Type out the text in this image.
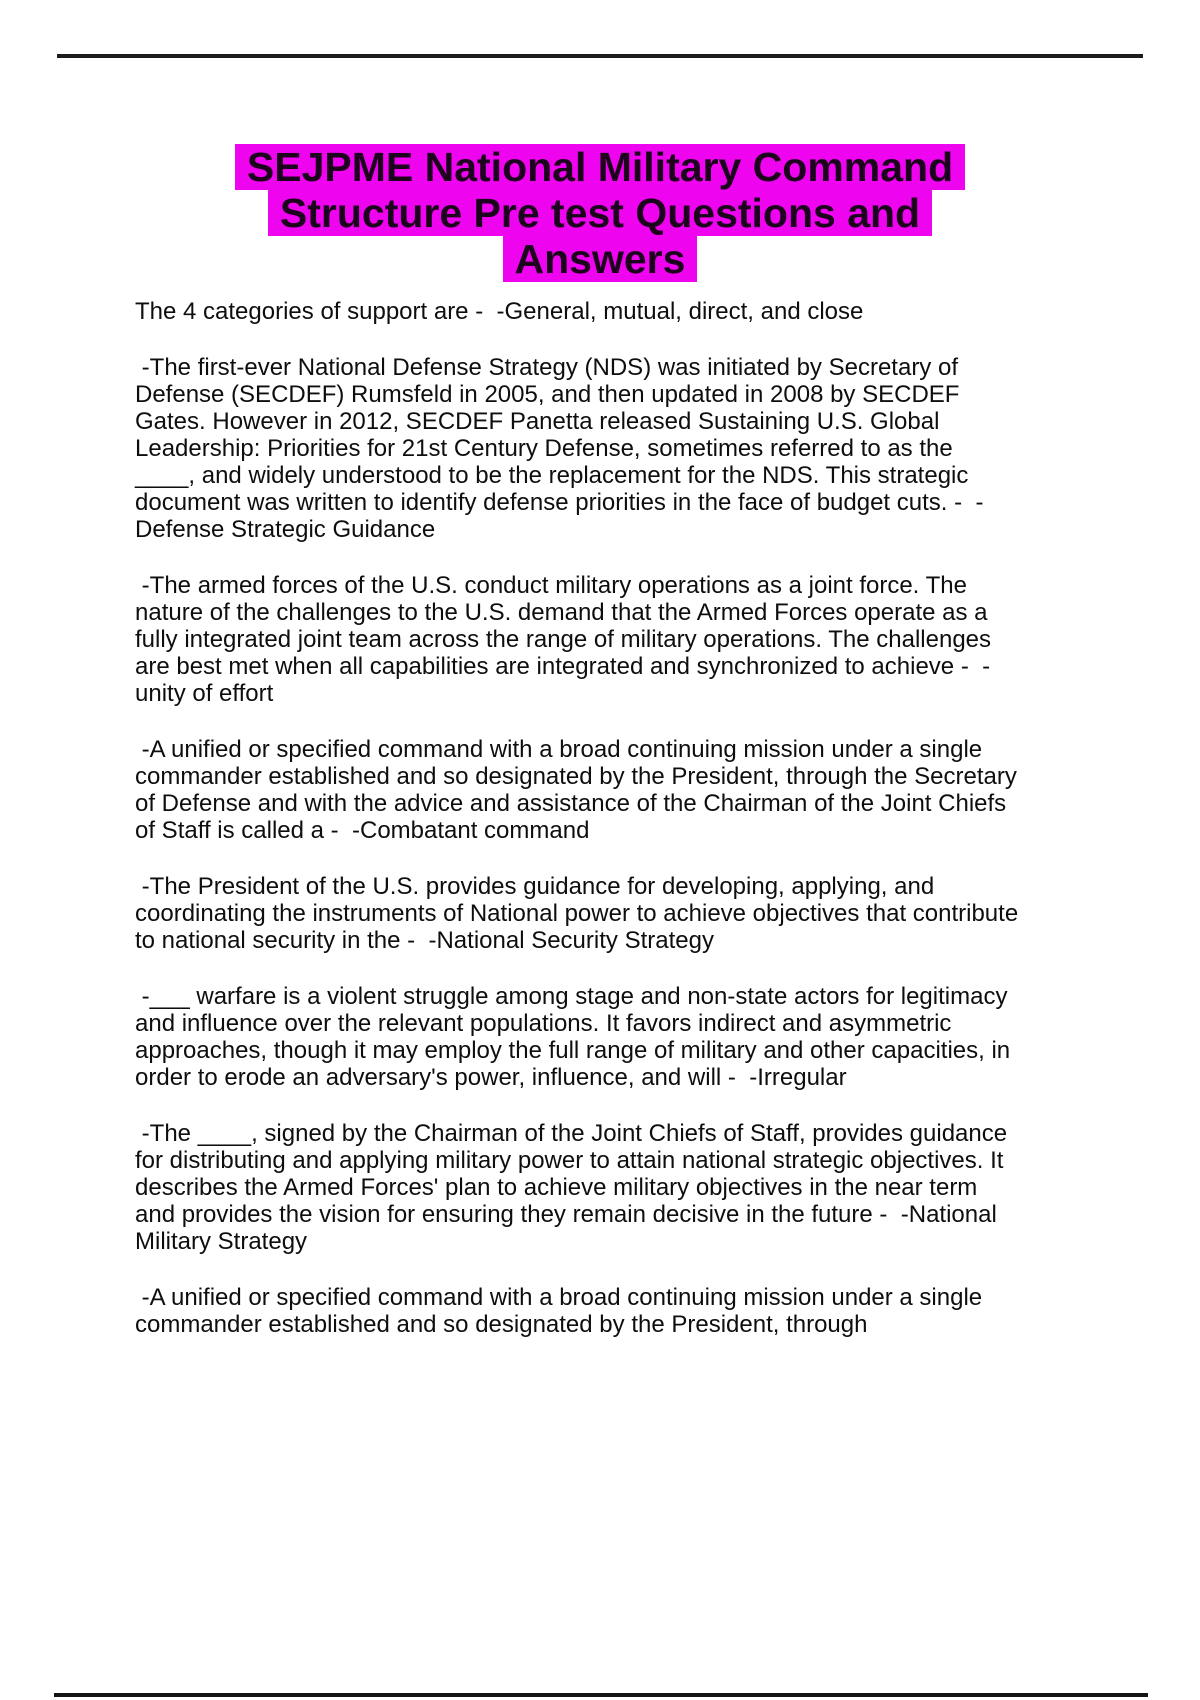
SEJPME National Military Command
Structure Pre test Questions and
Answers

The 4 categories of support are -  -General, mutual, direct, and close

-The first-ever National Defense Strategy (NDS) was initiated by Secretary of Defense (SECDEF) Rumsfeld in 2005, and then updated in 2008 by SECDEF Gates. However in 2012, SECDEF Panetta released Sustaining U.S. Global Leadership: Priorities for 21st Century Defense, sometimes referred to as the ____, and widely understood to be the replacement for the NDS. This strategic document was written to identify defense priorities in the face of budget cuts. -  -Defense Strategic Guidance

-The armed forces of the U.S. conduct military operations as a joint force. The nature of the challenges to the U.S. demand that the Armed Forces operate as a fully integrated joint team across the range of military operations. The challenges are best met when all capabilities are integrated and synchronized to achieve -  -unity of effort

-A unified or specified command with a broad continuing mission under a single commander established and so designated by the President, through the Secretary of Defense and with the advice and assistance of the Chairman of the Joint Chiefs of Staff is called a -  -Combatant command

-The President of the U.S. provides guidance for developing, applying, and coordinating the instruments of National power to achieve objectives that contribute to national security in the -  -National Security Strategy

-___ warfare is a violent struggle among stage and non-state actors for legitimacy and influence over the relevant populations. It favors indirect and asymmetric approaches, though it may employ the full range of military and other capacities, in order to erode an adversary's power, influence, and will -  -Irregular

-The ____, signed by the Chairman of the Joint Chiefs of Staff, provides guidance for distributing and applying military power to attain national strategic objectives. It describes the Armed Forces' plan to achieve military objectives in the near term and provides the vision for ensuring they remain decisive in the future -  -National Military Strategy

-A unified or specified command with a broad continuing mission under a single commander established and so designated by the President, through
